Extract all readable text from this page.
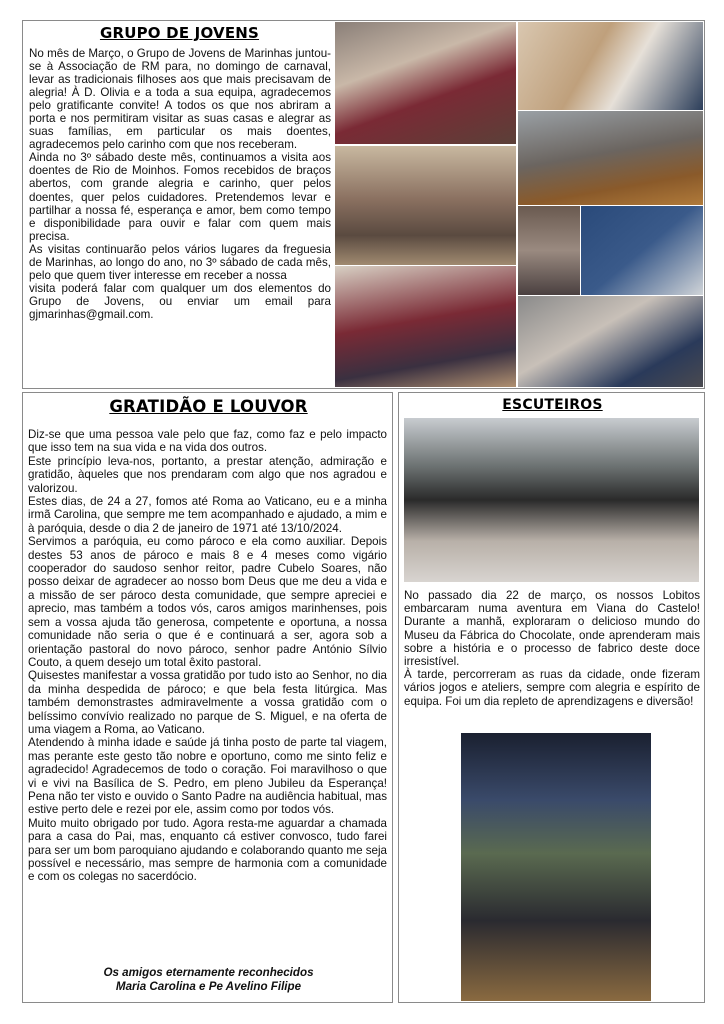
GRUPO DE JOVENS

No mês de Março, o Grupo de Jovens de Marinhas juntou-se à Associação de RM para, no domingo de carnaval, levar as tradicionais filhoses aos que mais precisavam de alegria! À D. Olivia e a toda a sua equipa, agradecemos pelo gratificante convite! A todos os que nos abriram a porta e nos permitiram visitar as suas casas e alegrar as suas famílias, em particular os mais doentes, agradecemos pelo carinho com que nos receberam.

Ainda no 3º sábado deste mês, continuamos a visita aos doentes de Rio de Moinhos. Fomos recebidos de braços abertos, com grande alegria e carinho, quer pelos doentes, quer pelos cuidadores. Pretendemos levar e partilhar a nossa fé, esperança e amor, bem como tempo e disponibilidade para ouvir e falar com quem mais precisa.

As visitas continuarão pelos vários lugares da freguesia de Marinhas, ao longo do ano, no 3º sábado de cada mês, pelo que quem tiver interesse em receber a nossa

visita poderá falar com qualquer um dos elementos do Grupo de Jovens, ou enviar um email para gjmarinhas@gmail.com.

GRATIDÃO E LOUVOR

Diz-se que uma pessoa vale pelo que faz, como faz e pelo impacto que isso tem na sua vida e na vida dos outros.

Este princípio leva-nos, portanto, a prestar atenção, admiração e gratidão, àqueles que nos prendaram com algo que nos agradou e valorizou.

Estes dias, de 24 a 27, fomos até Roma ao Vaticano, eu e a minha irmã Carolina, que sempre me tem acompanhado e ajudado, a mim e à paróquia, desde o dia 2 de janeiro de 1971 até 13/10/2024.

Servimos a paróquia, eu como pároco e ela como auxiliar. Depois destes 53 anos de pároco e mais 8 e 4 meses como vigário cooperador do saudoso senhor reitor, padre Cubelo Soares, não posso deixar de agradecer ao nosso bom Deus que me deu a vida e a missão de ser pároco desta comunidade, que sempre apreciei e aprecio, mas também a todos vós, caros amigos marinhenses, pois sem a vossa ajuda tão generosa, competente e oportuna, a nossa comunidade não seria o que é e continuará a ser, agora sob a orientação pastoral do novo pároco, senhor padre António Sílvio Couto, a quem desejo um total êxito pastoral.

Quisestes manifestar a vossa gratidão por tudo isto ao Senhor, no dia da minha despedida de pároco; e que bela festa litúrgica. Mas também demonstrastes admiravelmente a vossa gratidão com o belíssimo convívio realizado no parque de S. Miguel, e na oferta de uma viagem a Roma, ao Vaticano.

Atendendo à minha idade e saúde já tinha posto de parte tal viagem, mas perante este gesto tão nobre e oportuno, como me sinto feliz e agradecido! Agradecemos de todo o coração. Foi maravilhoso o que vi e vivi na Basílica de S. Pedro, em pleno Jubileu da Esperança! Pena não ter visto e ouvido o Santo Padre na audiência habitual, mas estive perto dele e rezei por ele, assim como por todos vós.

Muito muito obrigado por tudo. Agora resta-me aguardar a chamada para a casa do Pai, mas, enquanto cá estiver convosco, tudo farei para ser um bom paroquiano ajudando e colaborando quanto me seja possível e necessário, mas sempre de harmonia com a comunidade e com os colegas no sacerdócio.

Os amigos eternamente reconhecidos
Maria Carolina e Pe Avelino Filipe
ESCUTEIROS

No passado dia 22 de março, os nossos Lobitos embarcaram numa aventura em Viana do Castelo! Durante a manhã, exploraram o delicioso mundo do Museu da Fábrica do Chocolate, onde aprenderam mais sobre a história e o processo de fabrico deste doce irresistível.

À tarde, percorreram as ruas da cidade, onde fizeram vários jogos e ateliers, sempre com alegria e espírito de equipa. Foi um dia repleto de aprendizagens e diversão!
